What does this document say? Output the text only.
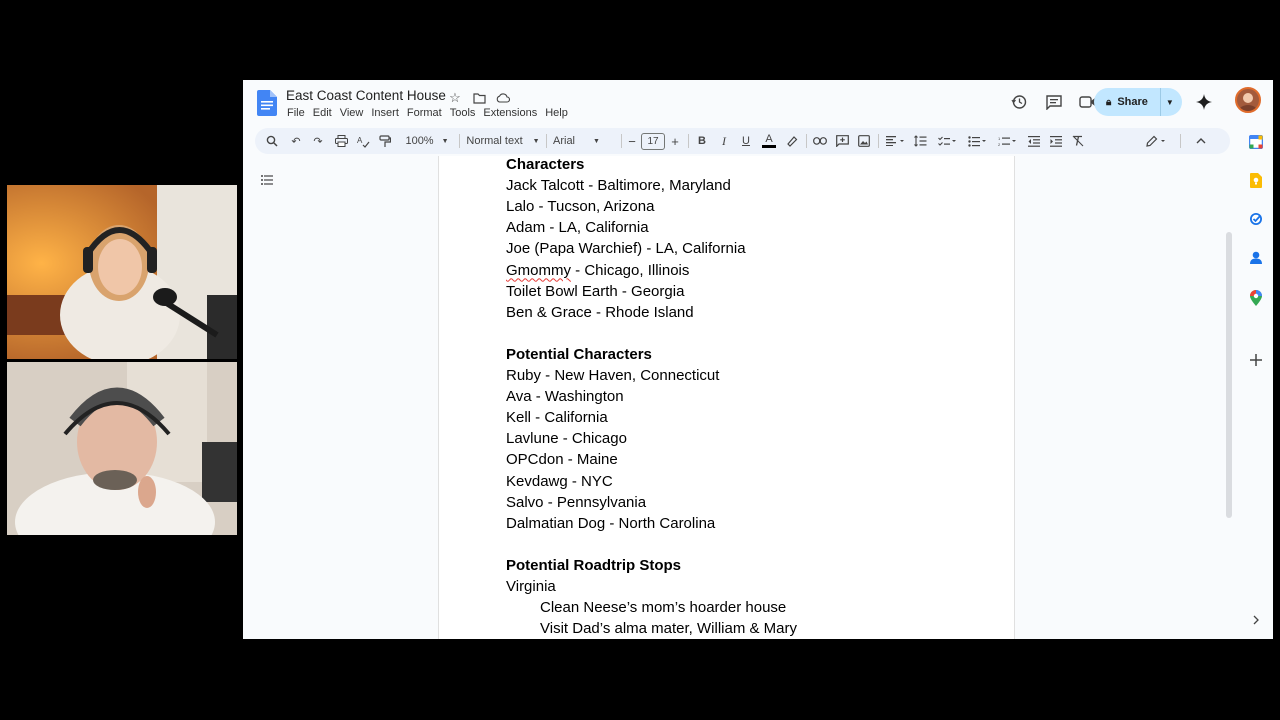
East Coast Content House ☆
File Edit View Insert Format Tools Extensions Help
🔒︎ Share ▼
↶	↷	A	100% ▼ Normal text ▼ Arial	▼ −	17 +	B	I	U	A	1
2
Characters
Jack Talcott - Baltimore, Maryland
Lalo - Tucson, Arizona
Adam - LA, California
Joe (Papa Warchief) - LA, California
Gmommy - Chicago, Illinois
Toilet Bowl Earth - Georgia
Ben & Grace - Rhode Island
Potential Characters
Ruby - New Haven, Connecticut
Ava - Washington
Kell - California
Lavlune - Chicago
OPCdon - Maine
Kevdawg - NYC
Salvo - Pennsylvania
Dalmatian Dog - North Carolina
Potential Roadtrip Stops
Virginia
Clean Neese’s mom’s hoarder house
Visit Dad’s alma mater, William & Mary
